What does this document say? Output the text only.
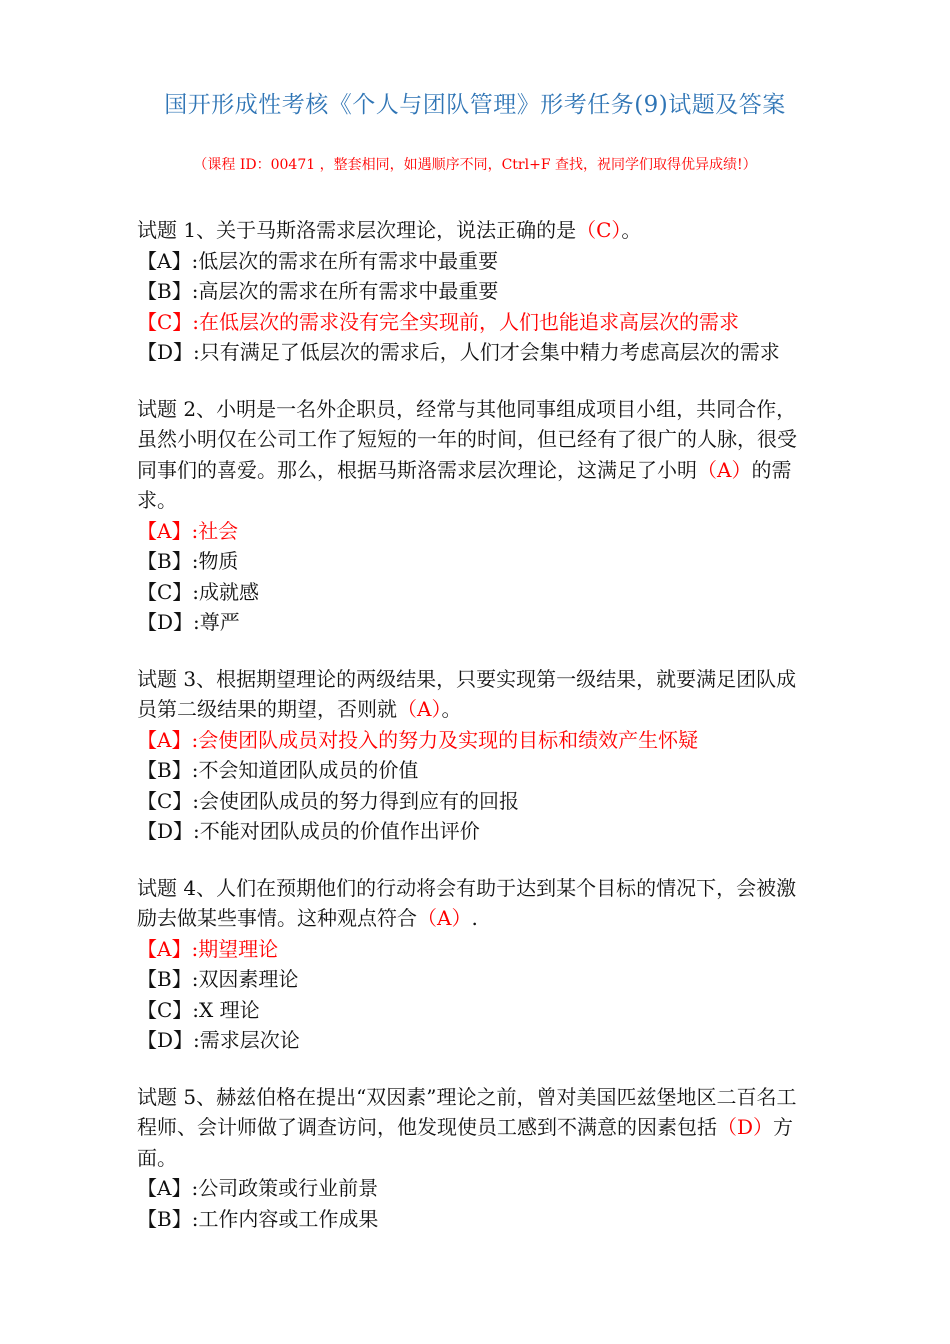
国开形成性考核《个人与团队管理》形考任务(9)试题及答案
（课程 ID：00471 ，整套相同，如遇顺序不同，Ctrl+F 查找，祝同学们取得优异成绩!）
试题 1、关于马斯洛需求层次理论，说法正确的是（C）。
【A】:低层次的需求在所有需求中最重要
【B】:高层次的需求在所有需求中最重要
【C】:在低层次的需求没有完全实现前，人们也能追求高层次的需求
【D】:只有满足了低层次的需求后，人们才会集中精力考虑高层次的需求
试题 2、小明是一名外企职员，经常与其他同事组成项目小组，共同合作，
虽然小明仅在公司工作了短短的一年的时间，但已经有了很广的人脉，很受
同事们的喜爱。那么，根据马斯洛需求层次理论，这满足了小明（A）的需
求。
【A】:社会
【B】:物质
【C】:成就感
【D】:尊严
试题 3、根据期望理论的两级结果，只要实现第一级结果，就要满足团队成
员第二级结果的期望，否则就（A）。
【A】:会使团队成员对投入的努力及实现的目标和绩效产生怀疑
【B】:不会知道团队成员的价值
【C】:会使团队成员的努力得到应有的回报
【D】:不能对团队成员的价值作出评价
试题 4、人们在预期他们的行动将会有助于达到某个目标的情况下，会被激
励去做某些事情。这种观点符合（A）.
【A】:期望理论
【B】:双因素理论
【C】:X 理论
【D】:需求层次论
试题 5、赫兹伯格在提出“双因素”理论之前，曾对美国匹兹堡地区二百名工
程师、会计师做了调查访问，他发现使员工感到不满意的因素包括（D）方
面。
【A】:公司政策或行业前景
【B】:工作内容或工作成果
